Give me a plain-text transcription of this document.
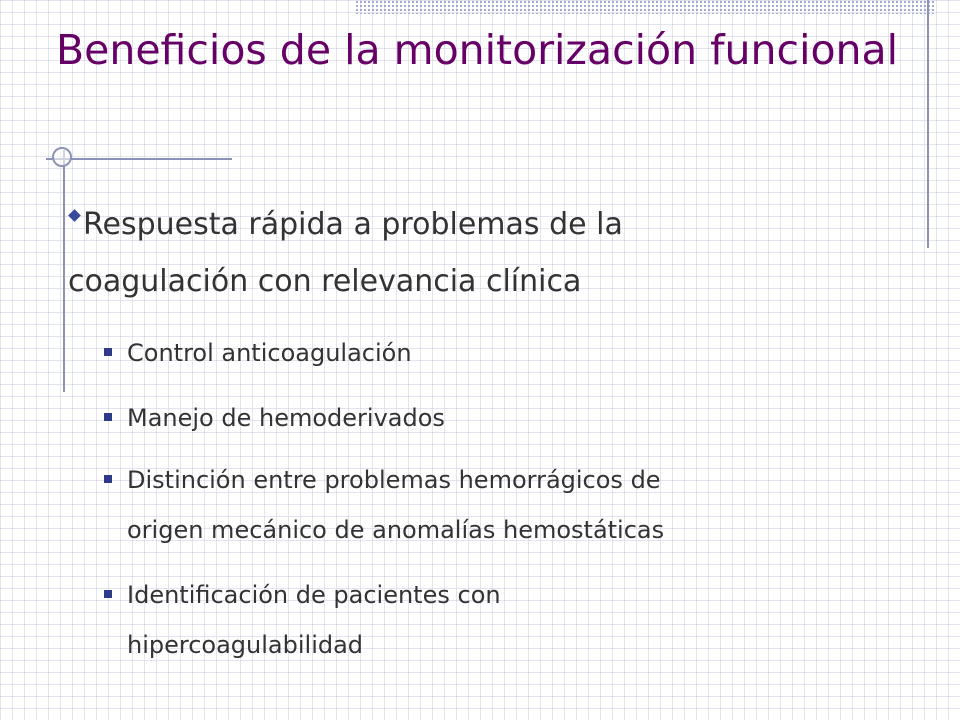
Beneficios de la monitorización funcional
Respuesta rápida a problemas de la
coagulación con relevancia clínica
Control anticoagulación
Manejo de hemoderivados
Distinción entre problemas hemorrágicos de
origen mecánico de anomalías hemostáticas
Identificación de pacientes con
hipercoagulabilidad
